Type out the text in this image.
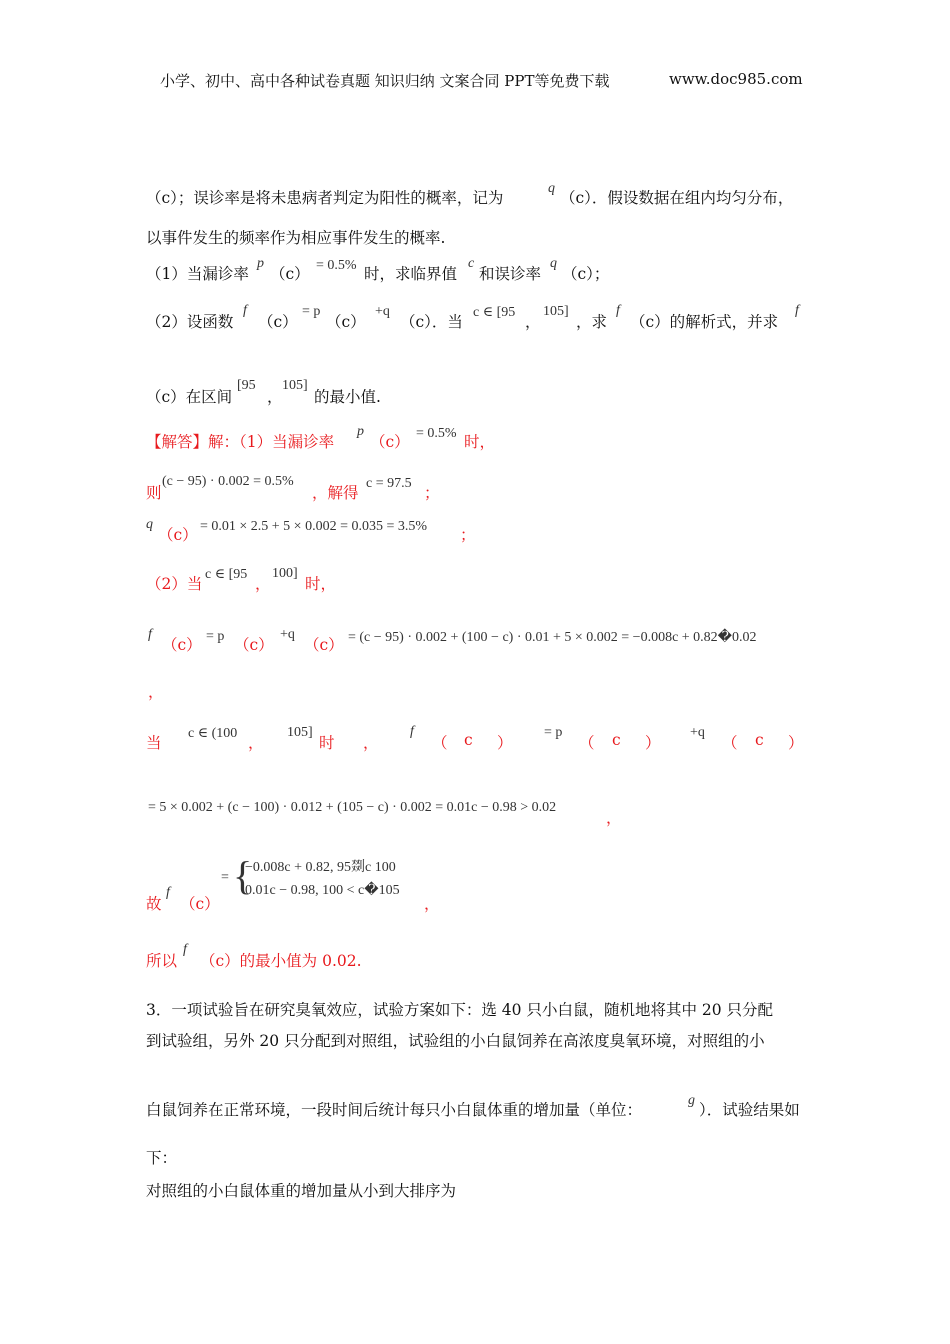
小学、初中、高中各种试卷真题 知识归纳 文案合同 PPT等免费下载	www.doc985.com
（c）；误诊率是将未患病者判定为阳性的概率，记为
q
（c）．假设数据在组内均匀分布，
以事件发生的频率作为相应事件发生的概率.
（1）当漏诊率
p
（c） = 0.5% 时，求临界值
c
和误诊率
q
（c）；
（2）设函数
f
（c）
= p
（c）
+q
（c）．当
c ∈ [95
，
105]
，求
f
（c）的解析式，并求
f
（c）在区间
[95
，
105]
的最小值.
【解答】解：（1）当漏诊率
p
（c） = 0.5% 时，
则
(c − 95) · 0.002 = 0.5%
，解得
c = 97.5
；
q
（c） = 0.01 × 2.5 + 5 × 0.002 = 0.035 = 3.5% ；
（2）当
c ∈ [95
，
100]
时，
f
（c） = p （c）
+q
（c） = (c − 95) · 0.002 + (100 − c) · 0.01 + 5 × 0.002 = −0.008c + 0.82�0.02
，
当
c ∈ (100
，
105]
时 ，
f
（ c ）
= p
（ c ）
+q
（ c ）
= 5 × 0.002 + (c − 100) · 0.012 + (105 − c) · 0.002 = 0.01c − 0.98 > 0.02
，
故
f
（c）
= {
−0.008c + 0.82, 95剟c 100
0.01c − 0.98, 100 < c�105
，
所以
f
（c）的最小值为 0.02.
3．一项试验旨在研究臭氧效应，试验方案如下：选 40 只小白鼠，随机地将其中 20 只分配
到试验组，另外 20 只分配到对照组，试验组的小白鼠饲养在高浓度臭氧环境，对照组的小
白鼠饲养在正常环境，一段时间后统计每只小白鼠体重的增加量（单位：
g
）．试验结果如
下：
对照组的小白鼠体重的增加量从小到大排序为
